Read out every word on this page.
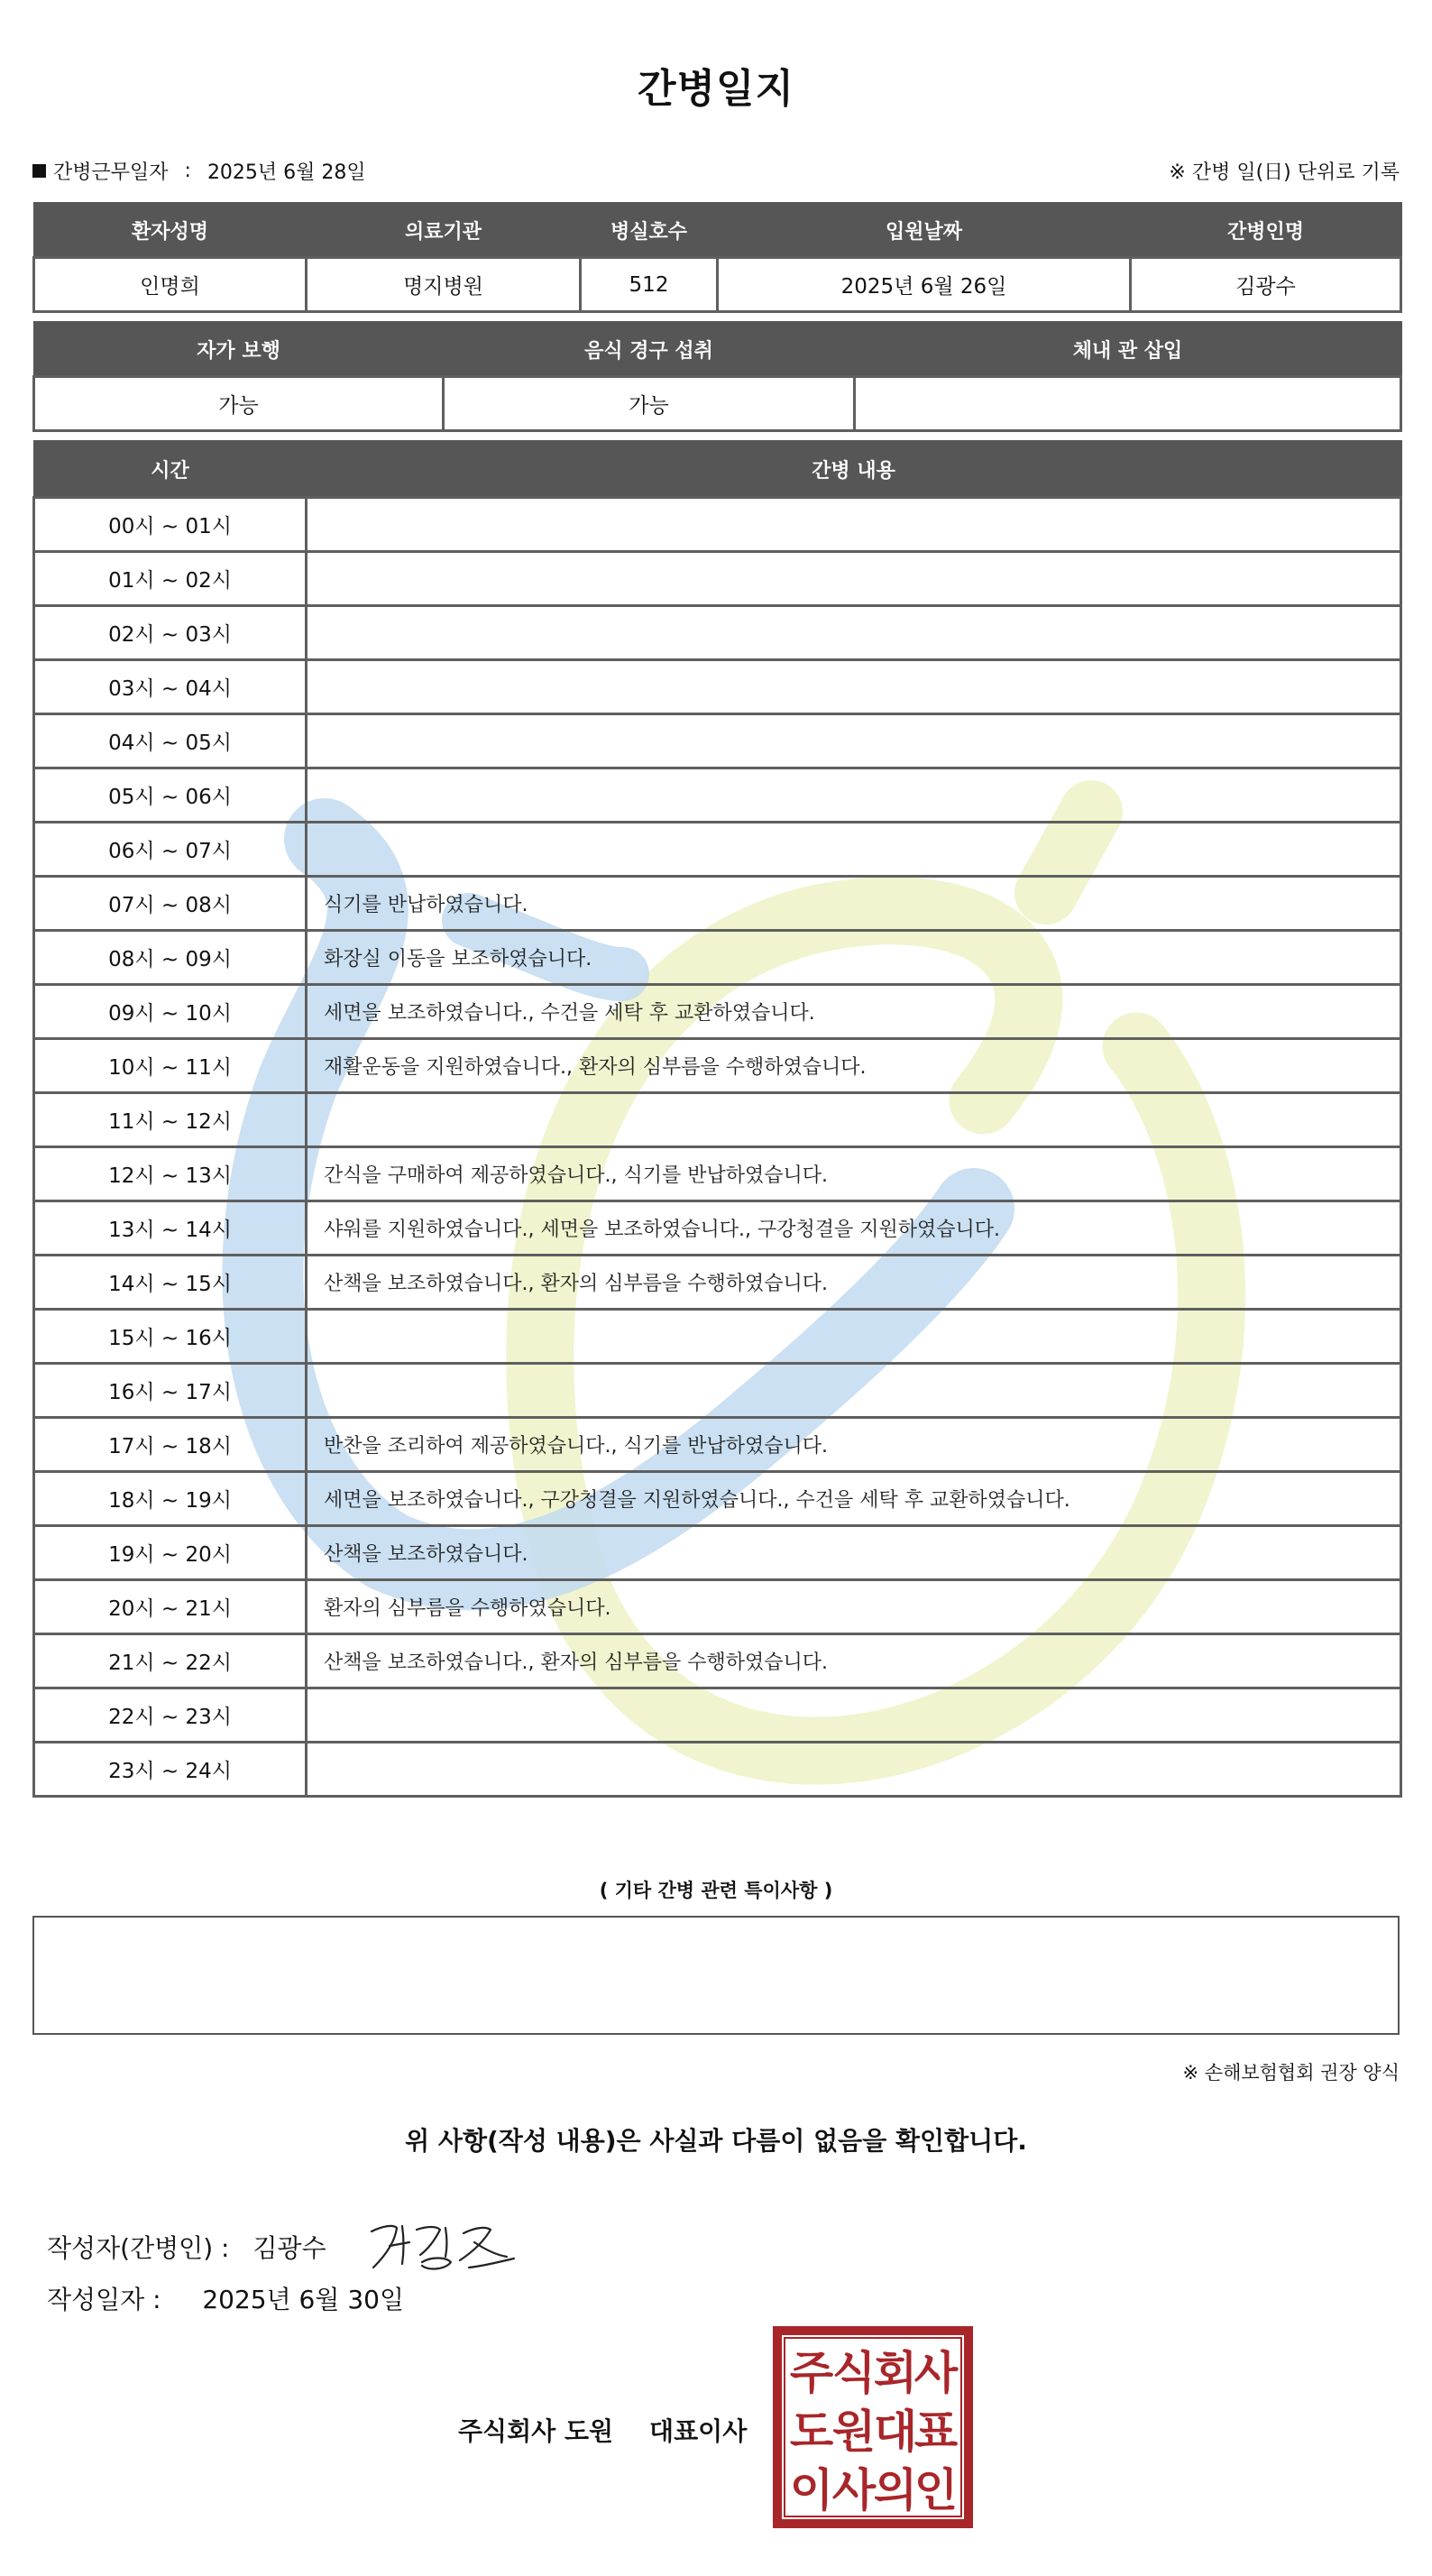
간병일지
간병근무일자 : 2025년 6월 28일	※ 간병 일(日) 단위로 기록
환자성명	의료기관	병실호수	입원날짜	간병인명
인명희	명지병원	512	2025년 6월 26일	김광수
자가 보행	음식 경구 섭취	체내 관 삽입
가능	가능	
시간	간병 내용
00시 ~ 01시	
01시 ~ 02시	
02시 ~ 03시	
03시 ~ 04시	
04시 ~ 05시	
05시 ~ 06시	
06시 ~ 07시	
07시 ~ 08시	식기를 반납하였습니다.
08시 ~ 09시	화장실 이동을 보조하였습니다.
09시 ~ 10시	세면을 보조하였습니다., 수건을 세탁 후 교환하였습니다.
10시 ~ 11시	재활운동을 지원하였습니다., 환자의 심부름을 수행하였습니다.
11시 ~ 12시	
12시 ~ 13시	간식을 구매하여 제공하였습니다., 식기를 반납하였습니다.
13시 ~ 14시	샤워를 지원하였습니다., 세면을 보조하였습니다., 구강청결을 지원하였습니다.
14시 ~ 15시	산책을 보조하였습니다., 환자의 심부름을 수행하였습니다.
15시 ~ 16시	
16시 ~ 17시	
17시 ~ 18시	반찬을 조리하여 제공하였습니다., 식기를 반납하였습니다.
18시 ~ 19시	세면을 보조하였습니다., 구강청결을 지원하였습니다., 수건을 세탁 후 교환하였습니다.
19시 ~ 20시	산책을 보조하였습니다.
20시 ~ 21시	환자의 심부름을 수행하였습니다.
21시 ~ 22시	산책을 보조하였습니다., 환자의 심부름을 수행하였습니다.
22시 ~ 23시	
23시 ~ 24시	
( 기타 간병 관련 특이사항 )
※ 손해보험협회 권장 양식
위 사항(작성 내용)은 사실과 다름이 없음을 확인합니다.
작성자(간병인) : 김광수
작성일자 : 2025년 6월 30일
주식회사 도원 대표이사
주
식
회
사
도
원
대
표
이
사
의
인
